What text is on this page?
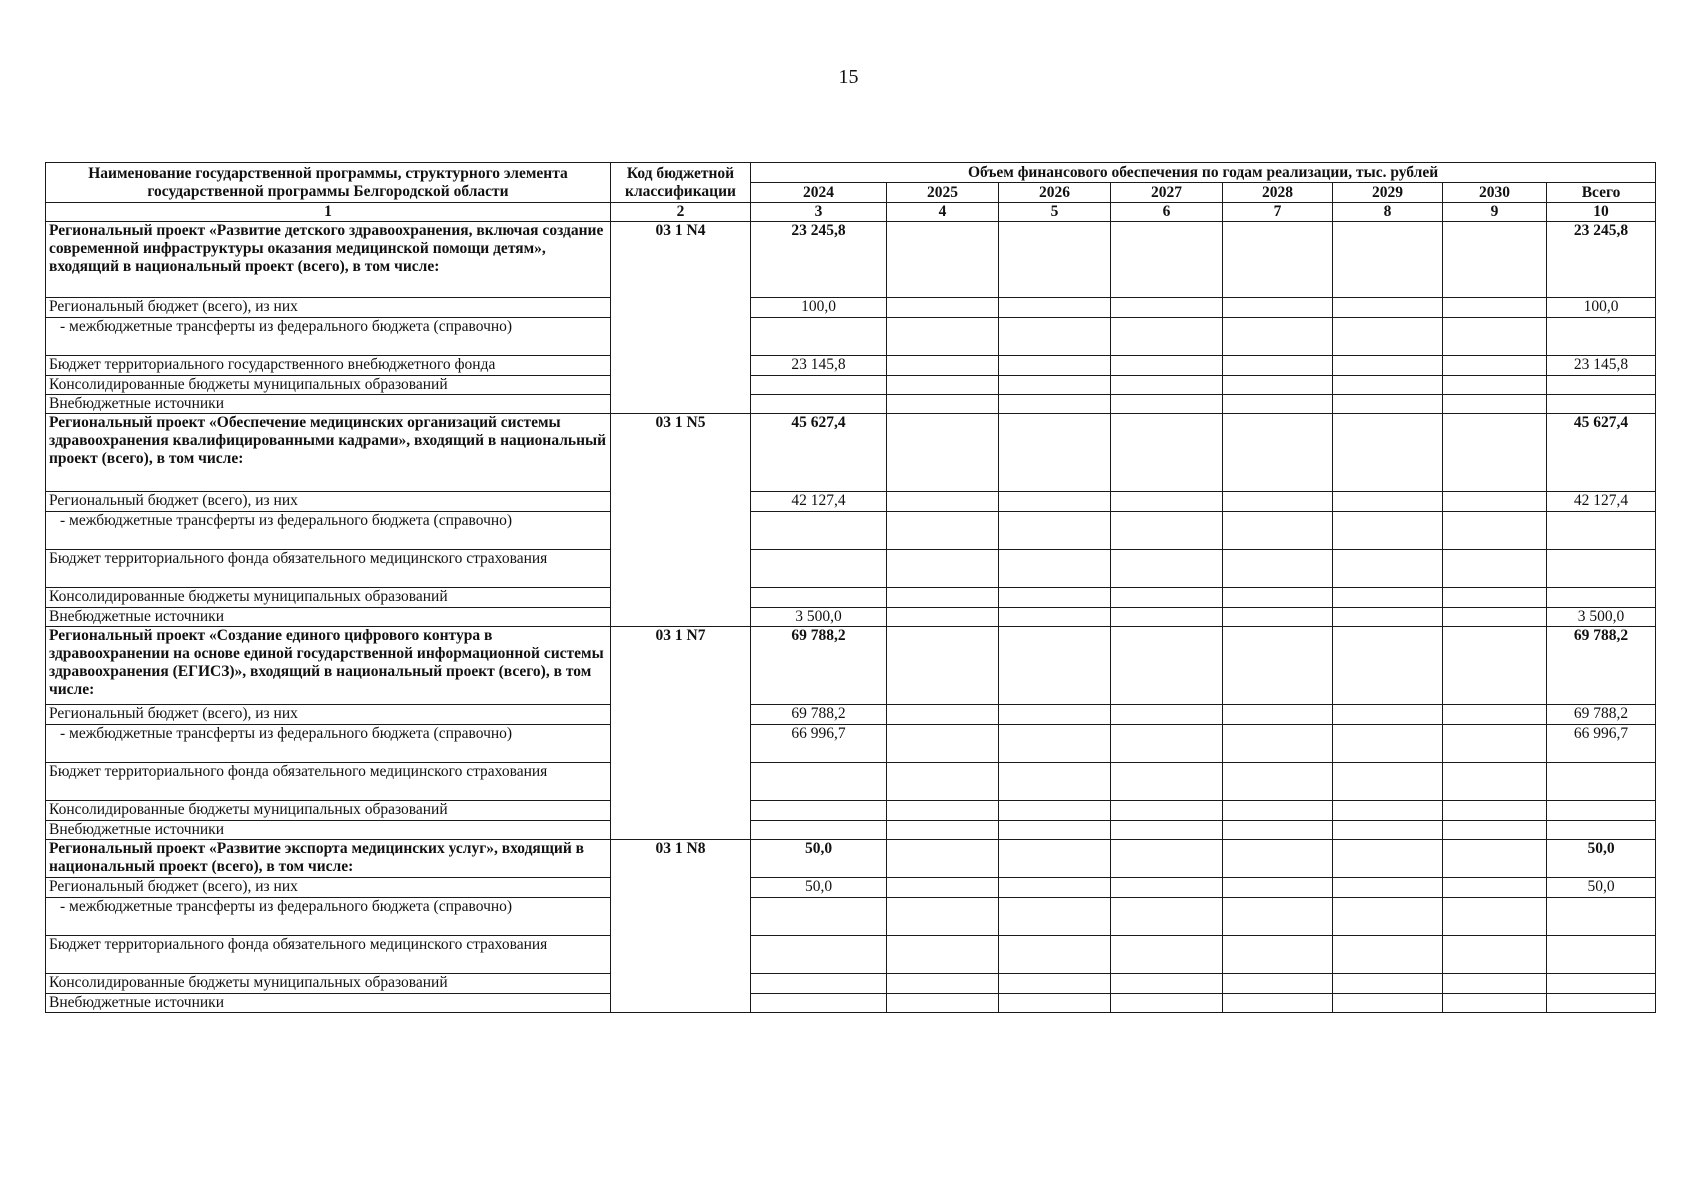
15
Наименование государственной программы, структурного элемента государственной программы Белгородской области	Код бюджетной классификации	Объем финансового обеспечения по годам реализации, тыс. рублей							
		2024	2025	2026	2027	2028	2029	2030	Всего
1	2	3	4	5	6	7	8	9	10
Региональный проект «Развитие детского здравоохранения, включая создание современной инфраструктуры оказания медицинской помощи детям», входящий в национальный проект (всего), в том числе:	03 1 N4	23 245,8							23 245,8
Региональный бюджет (всего), из них		100,0							100,0
- межбюджетные трансферты из федерального бюджета (справочно)									
Бюджет территориального государственного внебюджетного фонда		23 145,8							23 145,8
Консолидированные бюджеты муниципальных образований									
Внебюджетные источники									
Региональный проект «Обеспечение медицинских организаций системы здравоохранения квалифицированными кадрами», входящий в национальный проект (всего), в том числе:	03 1 N5	45 627,4							45 627,4
Региональный бюджет (всего), из них		42 127,4							42 127,4
- межбюджетные трансферты из федерального бюджета (справочно)									
Бюджет территориального фонда обязательного медицинского страхования									
Консолидированные бюджеты муниципальных образований									
Внебюджетные источники		3 500,0							3 500,0
Региональный проект «Создание единого цифрового контура в здравоохранении на основе единой государственной информационной системы здравоохранения (ЕГИСЗ)», входящий в национальный проект (всего), в том числе:	03 1 N7	69 788,2							69 788,2
Региональный бюджет (всего), из них		69 788,2							69 788,2
- межбюджетные трансферты из федерального бюджета (справочно)		66 996,7							66 996,7
Бюджет территориального фонда обязательного медицинского страхования									
Консолидированные бюджеты муниципальных образований									
Внебюджетные источники									
Региональный проект «Развитие экспорта медицинских услуг», входящий в национальный проект (всего), в том числе:	03 1 N8	50,0							50,0
Региональный бюджет (всего), из них		50,0							50,0
- межбюджетные трансферты из федерального бюджета (справочно)									
Бюджет территориального фонда обязательного медицинского страхования									
Консолидированные бюджеты муниципальных образований									
Внебюджетные источники									
